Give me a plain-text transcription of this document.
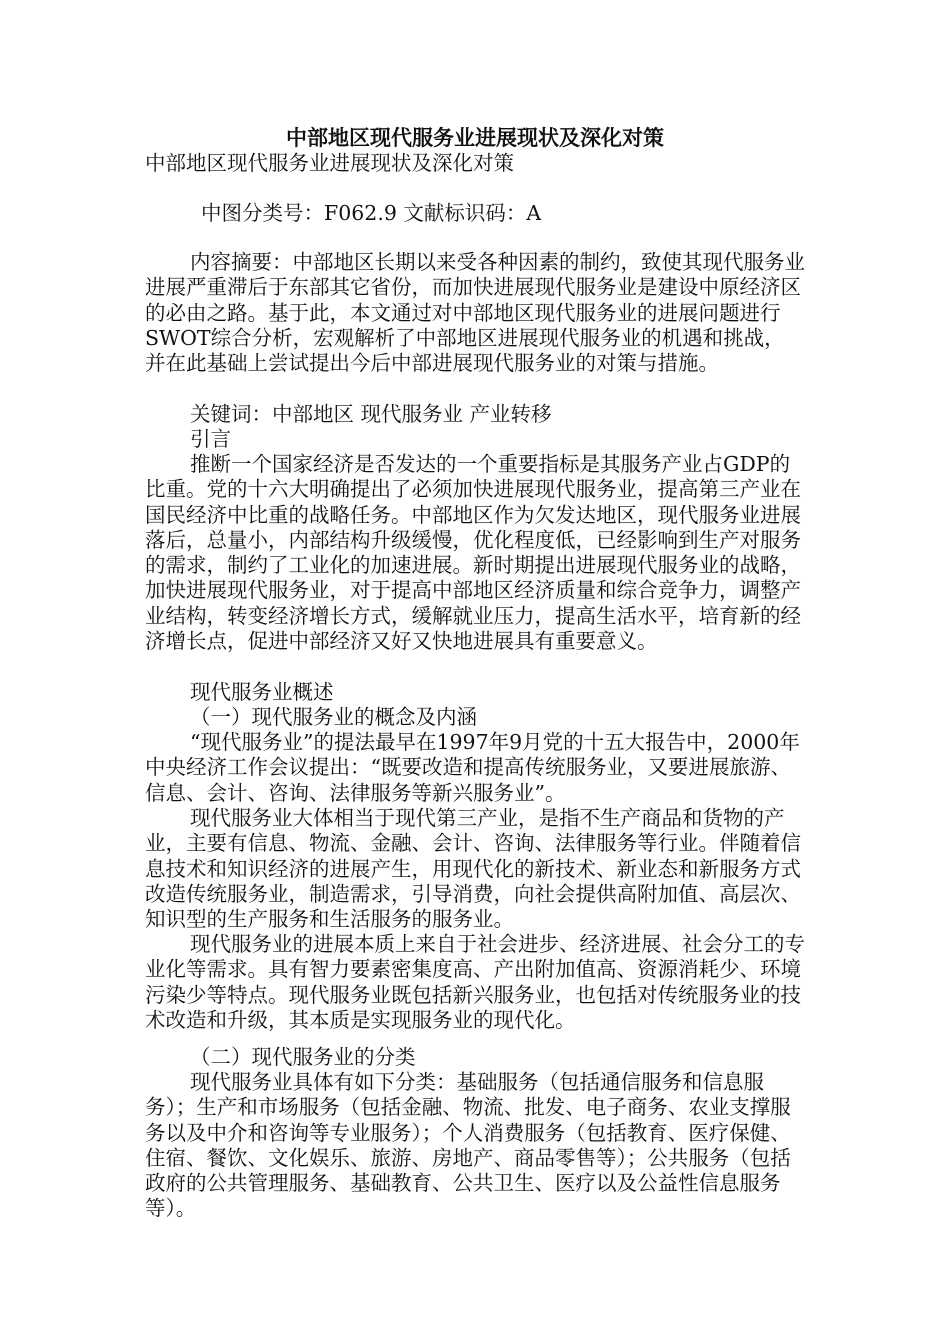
中部地区现代服务业进展现状及深化对策

中部地区现代服务业进展现状及深化对策

中图分类号：F062.9 文献标识码：A

内容摘要：中部地区长期以来受各种因素的制约，致使其现代服务业进展严重滞后于东部其它省份，而加快进展现代服务业是建设中原经济区的必由之路。基于此，本文通过对中部地区现代服务业的进展问题进行SWOT综合分析，宏观解析了中部地区进展现代服务业的机遇和挑战，并在此基础上尝试提出今后中部进展现代服务业的对策与措施。

关键词：中部地区 现代服务业 产业转移

引言

推断一个国家经济是否发达的一个重要指标是其服务产业占GDP的比重。党的十六大明确提出了必须加快进展现代服务业，提高第三产业在国民经济中比重的战略任务。中部地区作为欠发达地区，现代服务业进展落后，总量小，内部结构升级缓慢，优化程度低，已经影响到生产对服务的需求，制约了工业化的加速进展。新时期提出进展现代服务业的战略，加快进展现代服务业，对于提高中部地区经济质量和综合竞争力，调整产业结构，转变经济增长方式，缓解就业压力，提高生活水平，培育新的经济增长点，促进中部经济又好又快地进展具有重要意义。

现代服务业概述

（一）现代服务业的概念及内涵

“现代服务业”的提法最早在1997年9月党的十五大报告中，2000年中央经济工作会议提出：“既要改造和提高传统服务业，又要进展旅游、信息、会计、咨询、法律服务等新兴服务业”。

现代服务业大体相当于现代第三产业，是指不生产商品和货物的产业，主要有信息、物流、金融、会计、咨询、法律服务等行业。伴随着信息技术和知识经济的进展产生，用现代化的新技术、新业态和新服务方式改造传统服务业，制造需求，引导消费，向社会提供高附加值、高层次、知识型的生产服务和生活服务的服务业。

现代服务业的进展本质上来自于社会进步、经济进展、社会分工的专业化等需求。具有智力要素密集度高、产出附加值高、资源消耗少、环境污染少等特点。现代服务业既包括新兴服务业，也包括对传统服务业的技术改造和升级，其本质是实现服务业的现代化。

（二）现代服务业的分类

现代服务业具体有如下分类：基础服务（包括通信服务和信息服务）；生产和市场服务（包括金融、物流、批发、电子商务、农业支撑服务以及中介和咨询等专业服务）；个人消费服务（包括教育、医疗保健、住宿、餐饮、文化娱乐、旅游、房地产、商品零售等）；公共服务（包括政府的公共管理服务、基础教育、公共卫生、医疗以及公益性信息服务等）。
